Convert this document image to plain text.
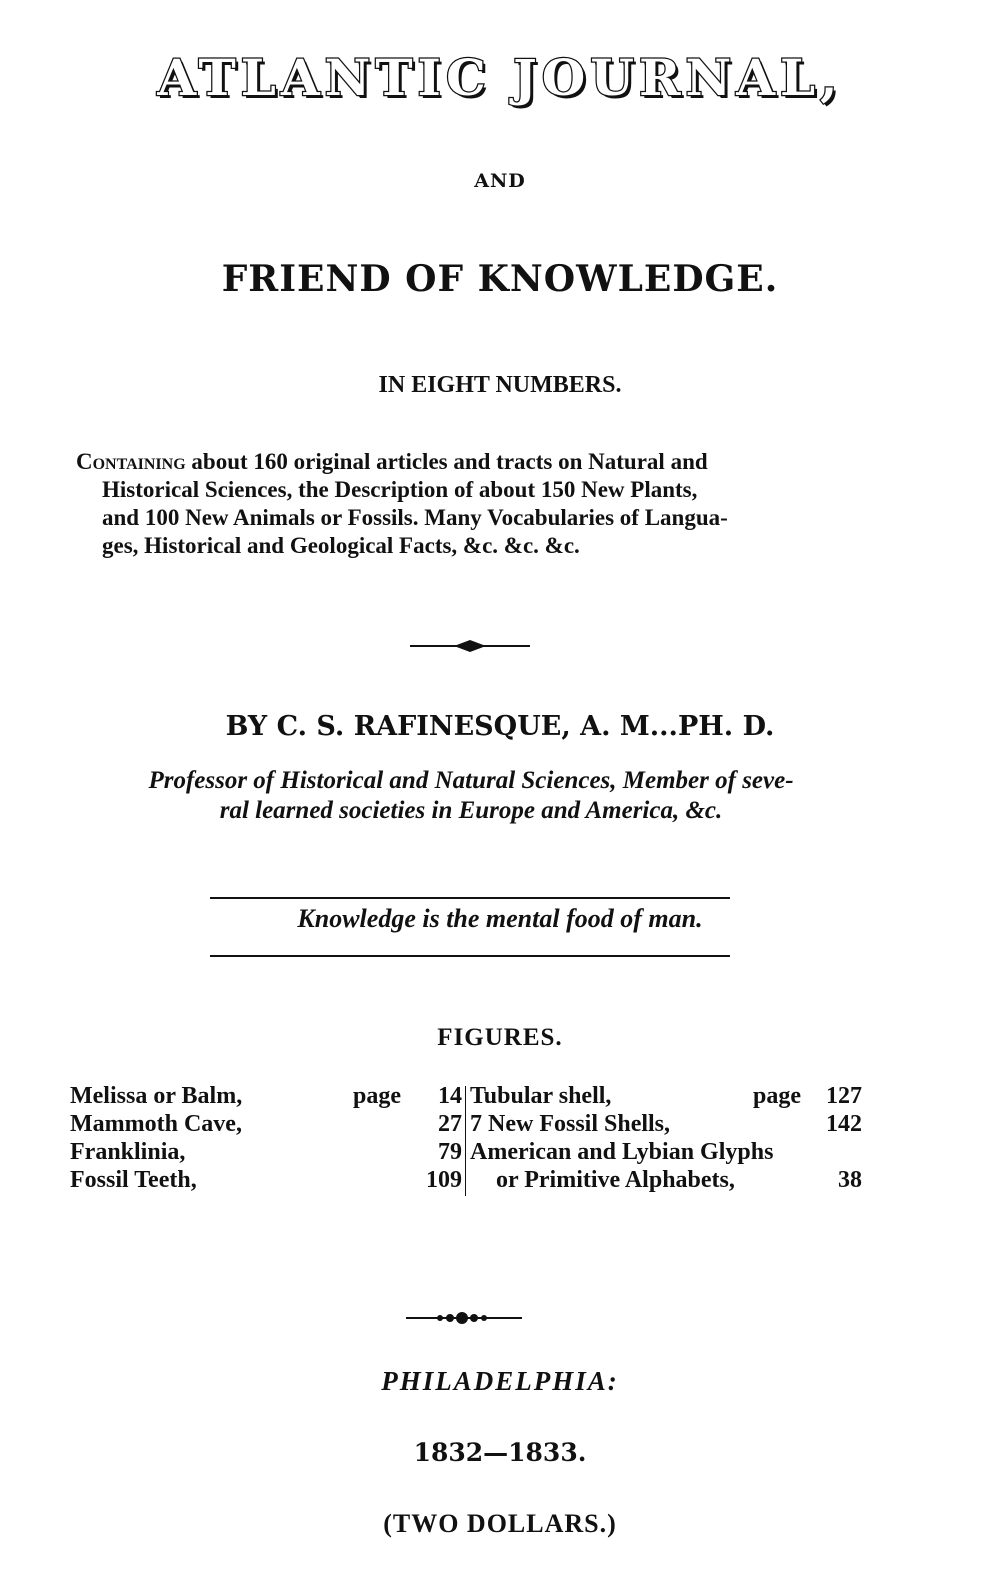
ATLANTIC JOURNAL,
AND
FRIEND OF KNOWLEDGE.
IN EIGHT NUMBERS.
Containing about 160 original articles and tracts on Natural and
Historical Sciences, the Description of about 150 New Plants,
and 100 New Animals or Fossils. Many Vocabularies of Langua-
ges, Historical and Geological Facts, &c. &c. &c.
BY C. S. RAFINESQUE, A. M...PH. D.
Professor of Historical and Natural Sciences, Member of seve-
ral learned societies in Europe and America, &c.
Knowledge is the mental food of man.
FIGURES.
Melissa or Balm,	page 14
Mammoth Cave,	27
Franklinia,	79
Fossil Teeth,	109
Tubular shell,	page 127
7 New Fossil Shells,	142
American and Lybian Glyphs
or Primitive Alphabets,	38
PHILADELPHIA:
1832—1833.
(TWO DOLLARS.)
